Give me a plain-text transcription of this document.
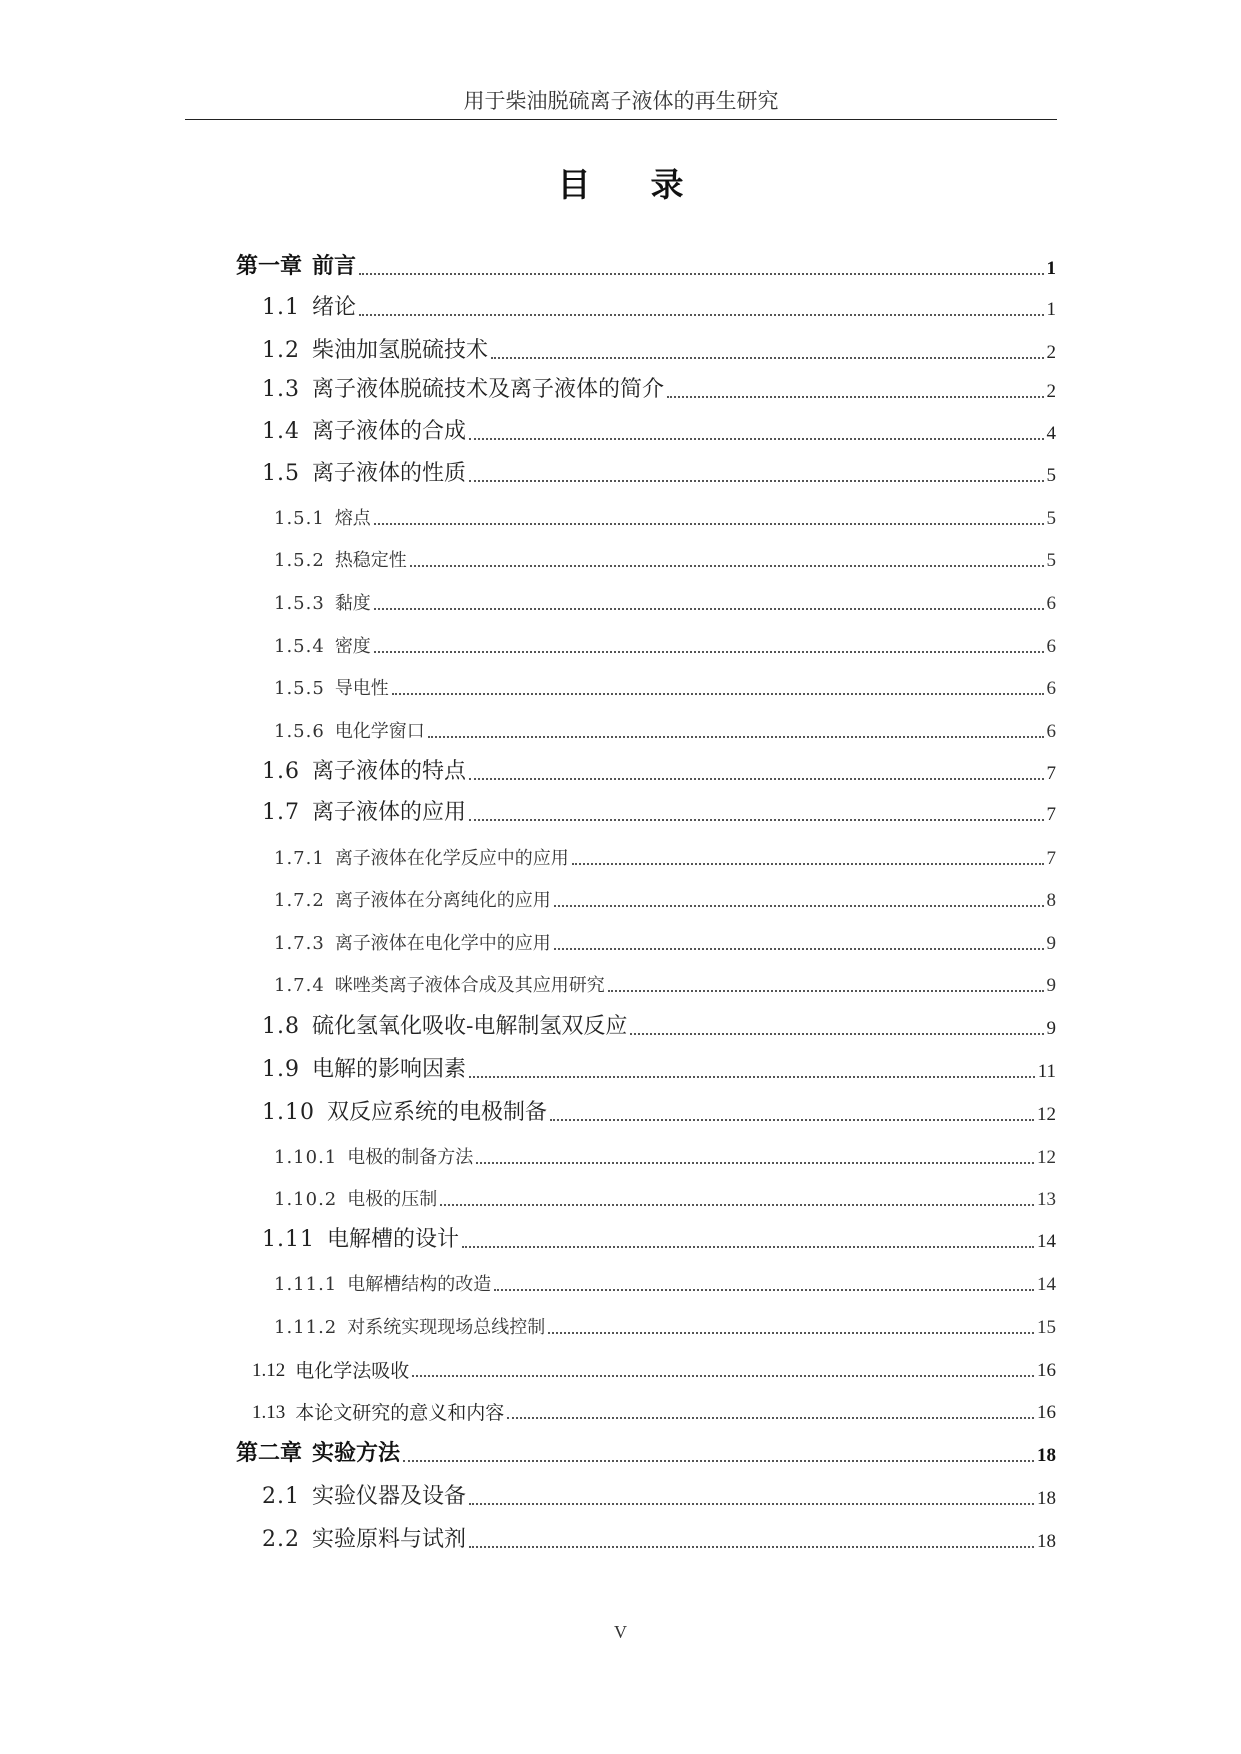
用于柴油脱硫离子液体的再生研究
目 录
第一章 前言	1
1.1 绪论	1
1.2 柴油加氢脱硫技术	2
1.3 离子液体脱硫技术及离子液体的简介	2
1.4 离子液体的合成	4
1.5 离子液体的性质	5
1.5.1 熔点	5
1.5.2 热稳定性	5
1.5.3 黏度	6
1.5.4 密度	6
1.5.5 导电性	6
1.5.6 电化学窗口	6
1.6 离子液体的特点	7
1.7 离子液体的应用	7
1.7.1 离子液体在化学反应中的应用	7
1.7.2 离子液体在分离纯化的应用	8
1.7.3 离子液体在电化学中的应用	9
1.7.4 咪唑类离子液体合成及其应用研究	9
1.8 硫化氢氧化吸收-电解制氢双反应	9
1.9 电解的影响因素	11
1.10 双反应系统的电极制备	12
1.10.1 电极的制备方法	12
1.10.2 电极的压制	13
1.11 电解槽的设计	14
1.11.1 电解槽结构的改造	14
1.11.2 对系统实现现场总线控制	15
1.12 电化学法吸收	16
1.13 本论文研究的意义和内容	16
第二章 实验方法	18
2.1 实验仪器及设备	18
2.2 实验原料与试剂	18
V
